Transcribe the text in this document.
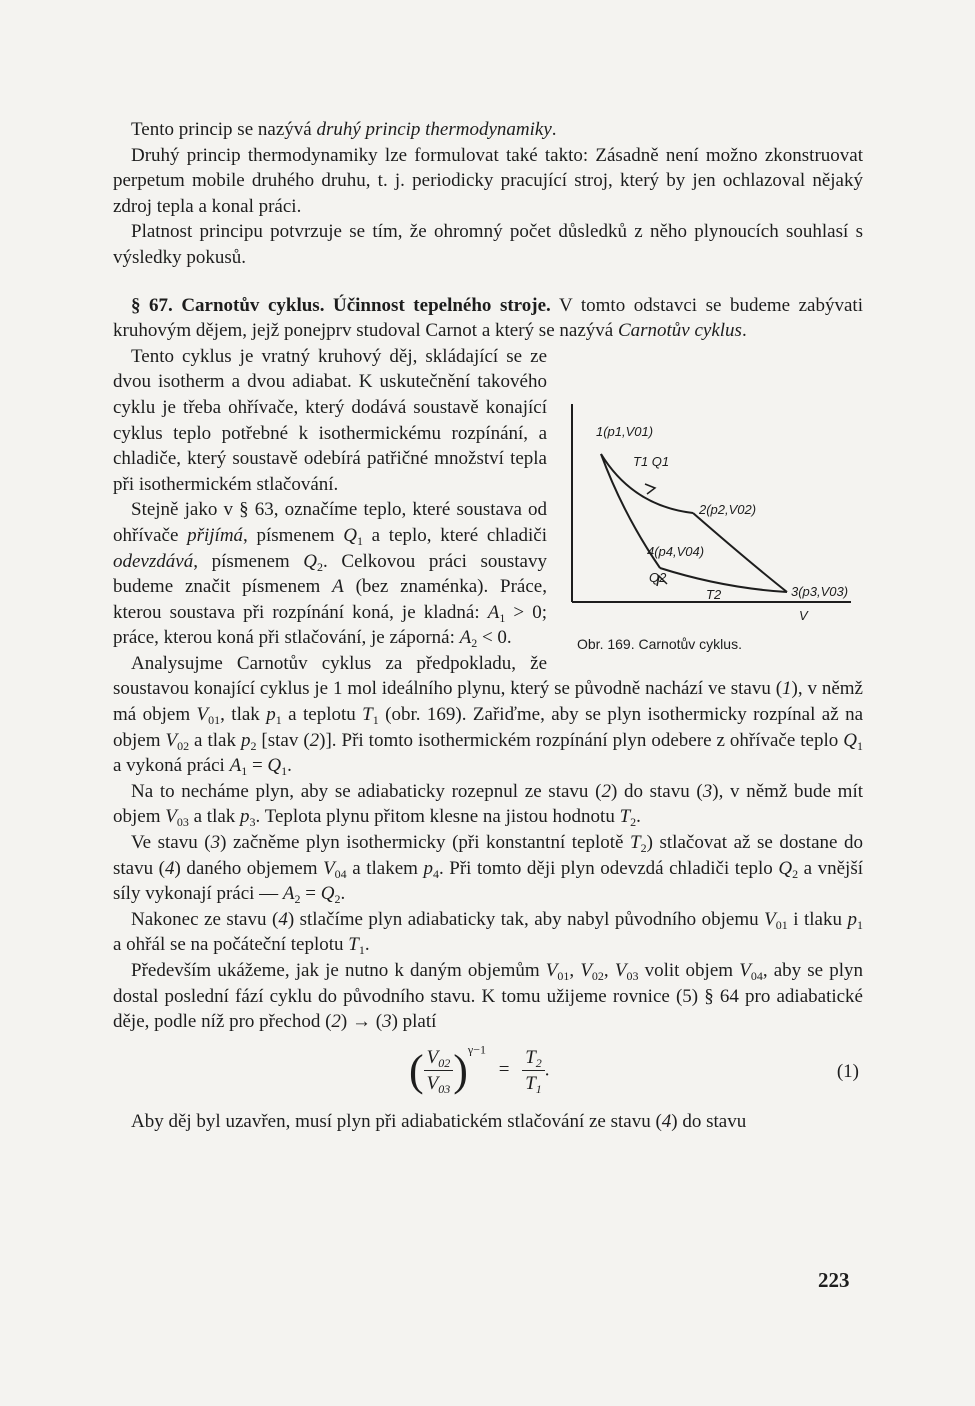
Tento princip se nazývá druhý princip thermodynamiky.

Druhý princip thermodynamiky lze formulovat také takto: Zásadně není možno zkonstruovat perpetum mobile druhého druhu, t. j. periodicky pracující stroj, který by jen ochlazoval nějaký zdroj tepla a konal práci.

Platnost principu potvrzuje se tím, že ohromný počet důsledků z něho plynoucích souhlasí s výsledky pokusů.

§ 67. Carnotův cyklus. Účinnost tepelného stroje. V tomto odstavci se budeme zabývati kruhovým dějem, jejž ponejprv studoval Carnot a který se nazývá Carnotův cyklus.

1(p1,V01)
T1 Q1
2(p2,V02)
4(p4,V04)
Q2
T2	3(p3,V03)
V
Obr. 169. Carnotův cyklus.

Tento cyklus je vratný kruhový děj, skládající se ze dvou isotherm a dvou adiabat. K uskutečnění takového cyklu je třeba ohřívače, který dodává soustavě konající cyklus teplo potřebné k isothermickému rozpínání, a chladiče, který soustavě odebírá patřičné množství tepla při isothermickém stlačování.

Stejně jako v § 63, označíme teplo, které soustava od ohřívače přijímá, písmenem $Q_1$ a teplo, které chladiči odevzdává, písmenem $Q_2$. Celkovou práci soustavy budeme značit písmenem A (bez znaménka). Práce, kterou soustava při rozpínání koná, je kladná: $A_1 > 0$; práce, kterou koná při stlačování, je záporná: $A_2 < 0$.

Analysujme Carnotův cyklus za předpokladu, že soustavou konající cyklus je 1 mol ideálního plynu, který se původně nachází ve stavu (1), v němž má objem $V_{01}$, tlak $p_1$ a teplotu $T_1$ (obr. 169). Zařiďme, aby se plyn isothermicky rozpínal až na objem $V_{02}$ a tlak $p_2$ [stav (2)]. Při tomto isothermickém rozpínání plyn odebere z ohřívače teplo $Q_1$ a vykoná práci $A_1 = Q_1$.

Na to necháme plyn, aby se adiabaticky rozepnul ze stavu (2) do stavu (3), v němž bude mít objem $V_{03}$ a tlak $p_3$. Teplota plynu přitom klesne na jistou hodnotu $T_2$.

Ve stavu (3) začněme plyn isothermicky (při konstantní teplotě $T_2$) stlačovat až se dostane do stavu (4) daného objemem $V_{04}$ a tlakem $p_4$. Při tomto ději plyn odevzdá chladiči teplo $Q_2$ a vnější síly vykonají práci — $A_2 = Q_2$.

Nakonec ze stavu (4) stlačíme plyn adiabaticky tak, aby nabyl původního objemu $V_{01}$ i tlaku $p_1$ a ohřál se na počáteční teplotu $T_1$.

Především ukážeme, jak je nutno k daným objemům $V_{01}$, $V_{02}$, $V_{03}$ volit objem $V_{04}$, aby se plyn dostal poslední fází cyklu do původního stavu. K tomu užijeme rovnice (5) § 64 pro adiabatické děje, podle níž pro přechod (2) → (3) platí

( $\frac{V_{02}}{V_{03}} )^{\gamma-1} = \frac{T_2}{T_1}$ .	(1)

Aby děj byl uzavřen, musí plyn při adiabatickém stlačování ze stavu (4) do stavu

223
